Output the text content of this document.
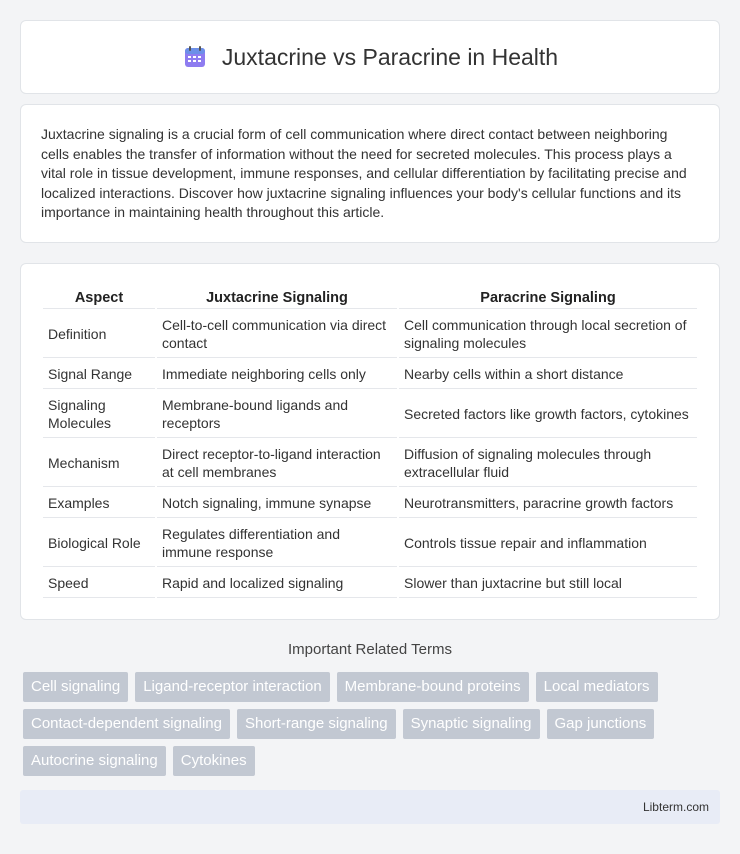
Juxtacrine vs Paracrine in Health

Juxtacrine signaling is a crucial form of cell communication where direct contact between neighboring cells enables the transfer of information without the need for secreted molecules. This process plays a vital role in tissue development, immune responses, and cellular differentiation by facilitating precise and localized interactions. Discover how juxtacrine signaling influences your body's cellular functions and its importance in maintaining health throughout this article.

Aspect	Juxtacrine Signaling	Paracrine Signaling
Definition	Cell-to-cell communication via direct contact	Cell communication through local secretion of signaling molecules
Signal Range	Immediate neighboring cells only	Nearby cells within a short distance
Signaling Molecules	Membrane-bound ligands and receptors	Secreted factors like growth factors, cytokines
Mechanism	Direct receptor-to-ligand interaction at cell membranes	Diffusion of signaling molecules through extracellular fluid
Examples	Notch signaling, immune synapse	Neurotransmitters, paracrine growth factors
Biological Role	Regulates differentiation and immune response	Controls tissue repair and inflammation
Speed	Rapid and localized signaling	Slower than juxtacrine but still local
Important Related Terms
Cell signaling	Ligand-receptor interaction	Membrane-bound proteins	Local mediators
Contact-dependent signaling	Short-range signaling	Synaptic signaling	Gap junctions
Autocrine signaling	Cytokines
Libterm.com
